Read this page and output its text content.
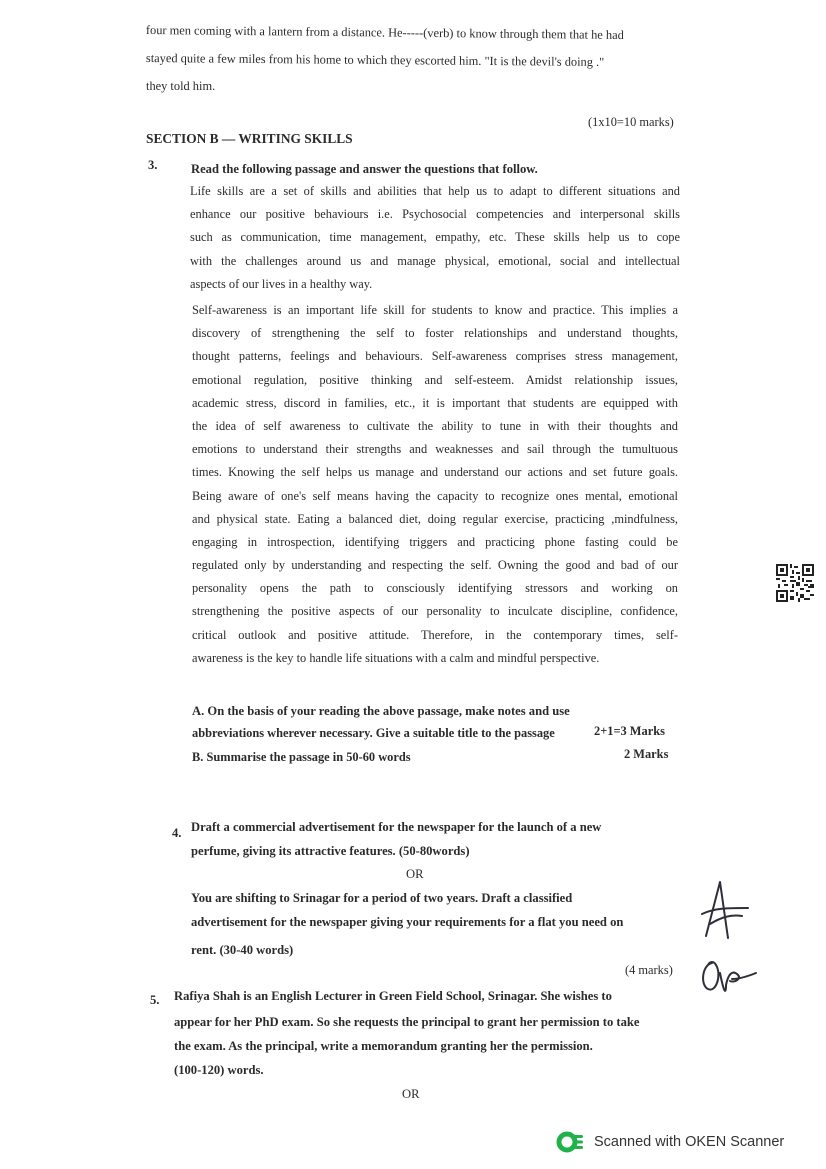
four men coming with a lantern from a distance. He-----(verb) to know through them that he had
stayed quite a few miles from his home to which they escorted him. "It is the devil's doing ."
they told him.
(1x10=10 marks)
SECTION B — WRITING SKILLS
3.	Read the following passage and answer the questions that follow.
Life skills are a set of skills and abilities that help us to adapt to different situations and
enhance our positive behaviours i.e. Psychosocial competencies and interpersonal skills
such as communication, time management, empathy, etc. These skills help us to cope
with the challenges around us and manage physical, emotional, social and intellectual
aspects of our lives in a healthy way.
Self-awareness is an important life skill for students to know and practice. This implies a
discovery of strengthening the self to foster relationships and understand thoughts,
thought patterns, feelings and behaviours. Self-awareness comprises stress management,
emotional regulation, positive thinking and self-esteem. Amidst relationship issues,
academic stress, discord in families, etc., it is important that students are equipped with
the idea of self awareness to cultivate the ability to tune in with their thoughts and
emotions to understand their strengths and weaknesses and sail through the tumultuous
times. Knowing the self helps us manage and understand our actions and set future goals.
Being aware of one's self means having the capacity to recognize ones mental, emotional
and physical state. Eating a balanced diet, doing regular exercise, practicing ,mindfulness,
engaging in introspection, identifying triggers and practicing phone fasting could be
regulated only by understanding and respecting the self. Owning the good and bad of our
personality opens the path to consciously identifying stressors and working on
strengthening the positive aspects of our personality to inculcate discipline, confidence,
critical outlook and positive attitude. Therefore, in the contemporary times, self-
awareness is the key to handle life situations with a calm and mindful perspective.
A. On the basis of your reading the above passage, make notes and use
abbreviations wherever necessary. Give a suitable title to the passage	2+1=3 Marks
B. Summarise the passage in 50-60 words	2 Marks
4. Draft a commercial advertisement for the newspaper for the launch of a new
perfume, giving its attractive features. (50-80words)
OR
You are shifting to Srinagar for a period of two years. Draft a classified
advertisement for the newspaper giving your requirements for a flat you need on
rent. (30-40 words)
(4 marks)
5. Rafiya Shah is an English Lecturer in Green Field School, Srinagar. She wishes to
appear for her PhD exam. So she requests the principal to grant her permission to take
the exam. As the principal, write a memorandum granting her the permission.
(100-120) words.
OR
Scanned with OKEN Scanner
